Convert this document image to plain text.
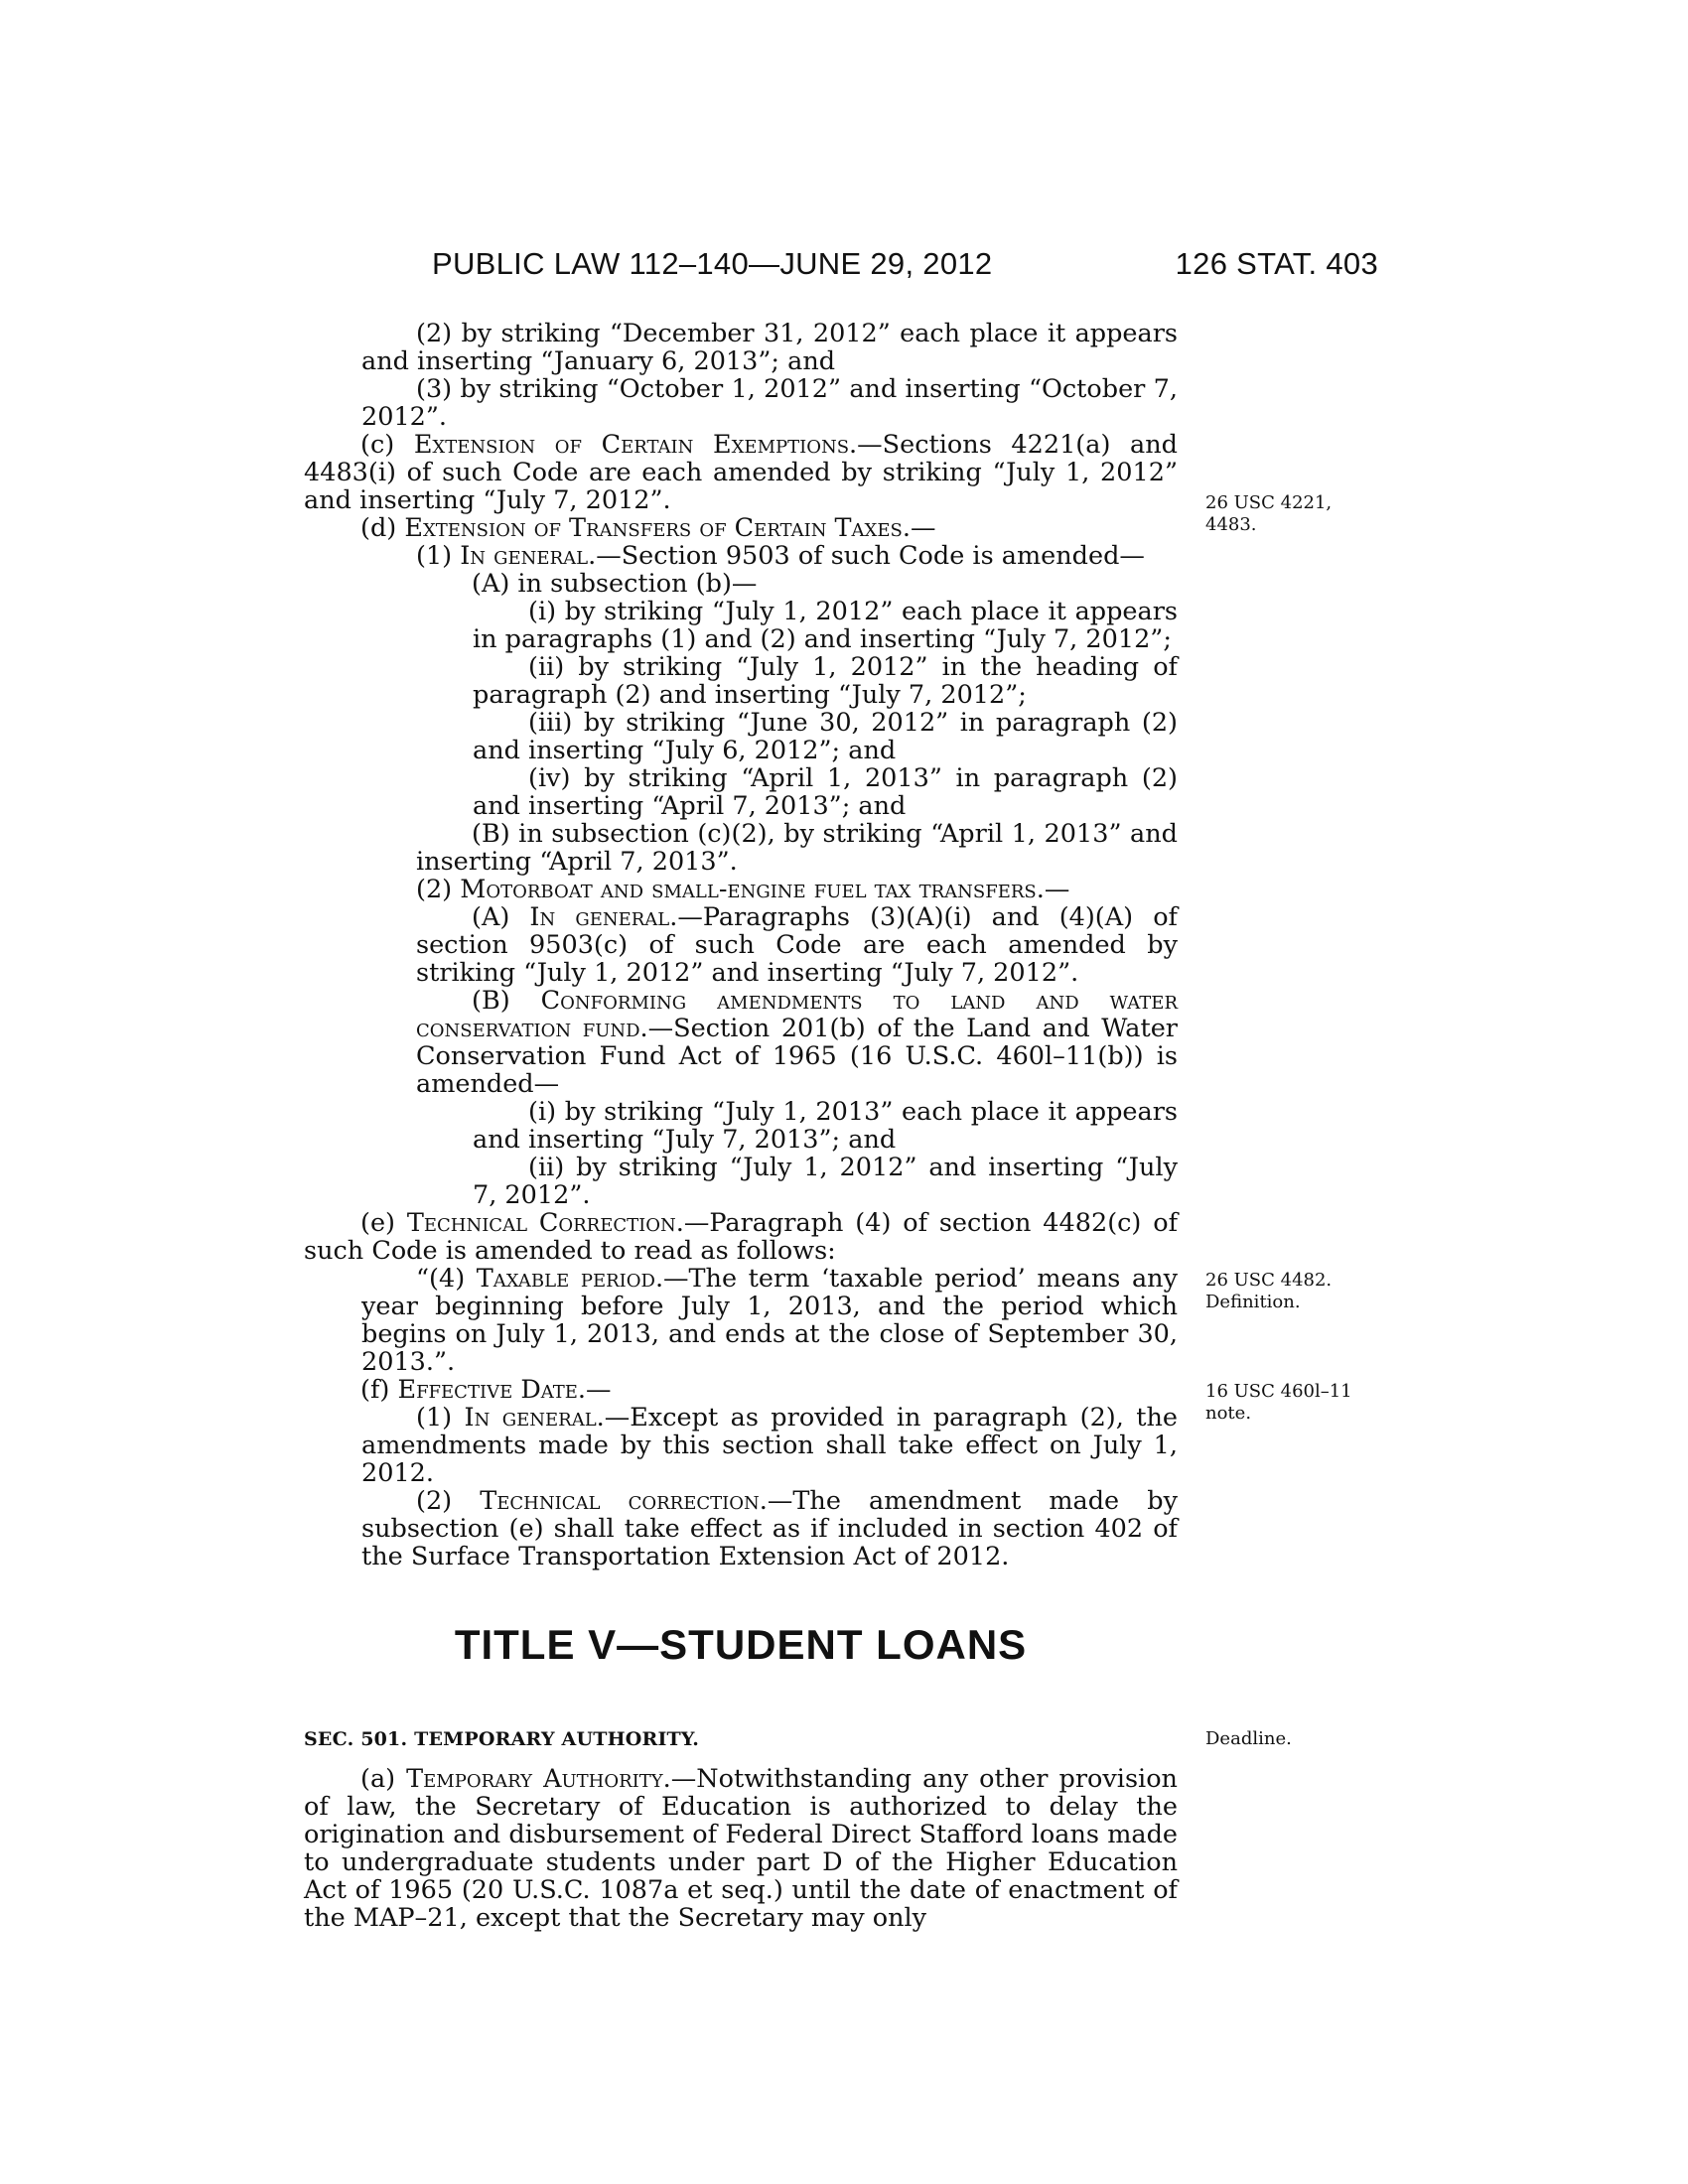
PUBLIC LAW 112–140—JUNE 29, 2012	126 STAT. 403

(2) by striking “December 31, 2012” each place it appears and inserting “January 6, 2013”; and

(3) by striking “October 1, 2012” and inserting “October 7, 2012”.

(c) Extension of Certain Exemptions.—Sections 4221(a) and 4483(i) of such Code are each amended by striking “July 1, 2012” and inserting “July 7, 2012”.

(d) Extension of Transfers of Certain Taxes.—

(1) In general.—Section 9503 of such Code is amended—

(A) in subsection (b)—

(i) by striking “July 1, 2012” each place it appears in paragraphs (1) and (2) and inserting “July 7, 2012”;

(ii) by striking “July 1, 2012” in the heading of paragraph (2) and inserting “July 7, 2012”;

(iii) by striking “June 30, 2012” in paragraph (2) and inserting “July 6, 2012”; and

(iv) by striking “April 1, 2013” in paragraph (2) and inserting “April 7, 2013”; and

(B) in subsection (c)(2), by striking “April 1, 2013” and inserting “April 7, 2013”.

(2) Motorboat and small-engine fuel tax transfers.—

(A) In general.—Paragraphs (3)(A)(i) and (4)(A) of section 9503(c) of such Code are each amended by striking “July 1, 2012” and inserting “July 7, 2012”.

(B) Conforming amendments to land and water conservation fund.—Section 201(b) of the Land and Water Conservation Fund Act of 1965 (16 U.S.C. 460l–11(b)) is amended—

(i) by striking “July 1, 2013” each place it appears and inserting “July 7, 2013”; and

(ii) by striking “July 1, 2012” and inserting “July 7, 2012”.

(e) Technical Correction.—Paragraph (4) of section 4482(c) of such Code is amended to read as follows:

“(4) Taxable period.—The term ‘taxable period’ means any year beginning before July 1, 2013, and the period which begins on July 1, 2013, and ends at the close of September 30, 2013.”.

(f) Effective Date.—

(1) In general.—Except as provided in paragraph (2), the amendments made by this section shall take effect on July 1, 2012.

(2) Technical correction.—The amendment made by subsection (e) shall take effect as if included in section 402 of the Surface Transportation Extension Act of 2012.

TITLE V—STUDENT LOANS

SEC. 501. TEMPORARY AUTHORITY.

(a) Temporary Authority.—Notwithstanding any other provision of law, the Secretary of Education is authorized to delay the origination and disbursement of Federal Direct Stafford loans made to undergraduate students under part D of the Higher Education Act of 1965 (20 U.S.C. 1087a et seq.) until the date of enactment of the MAP–21, except that the Secretary may only

26 USC 4221,
4483.
26 USC 4482.
Definition.
16 USC 460l–11
note.
Deadline.
